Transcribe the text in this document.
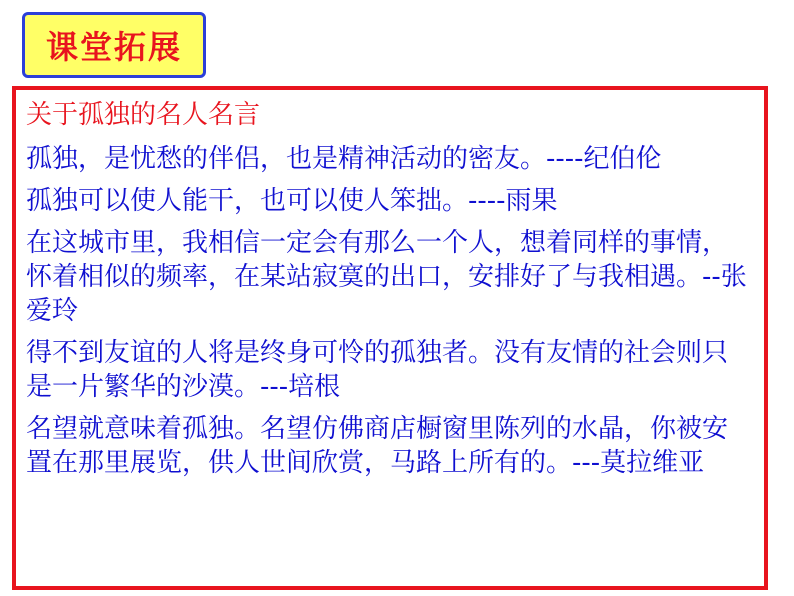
课堂拓展

关于孤独的名人名言

孤独，是忧愁的伴侣，也是精神活动的密友。----纪伯伦

孤独可以使人能干，也可以使人笨拙。----雨果

在这城市里，我相信一定会有那么一个人，想着同样的事情，怀着相似的频率，在某站寂寞的出口，安排好了与我相遇。--张爱玲

得不到友谊的人将是终身可怜的孤独者。没有友情的社会则只是一片繁华的沙漠。---培根

名望就意味着孤独。名望仿佛商店橱窗里陈列的水晶，你被安置在那里展览，供人世间欣赏，马路上所有的。---莫拉维亚
